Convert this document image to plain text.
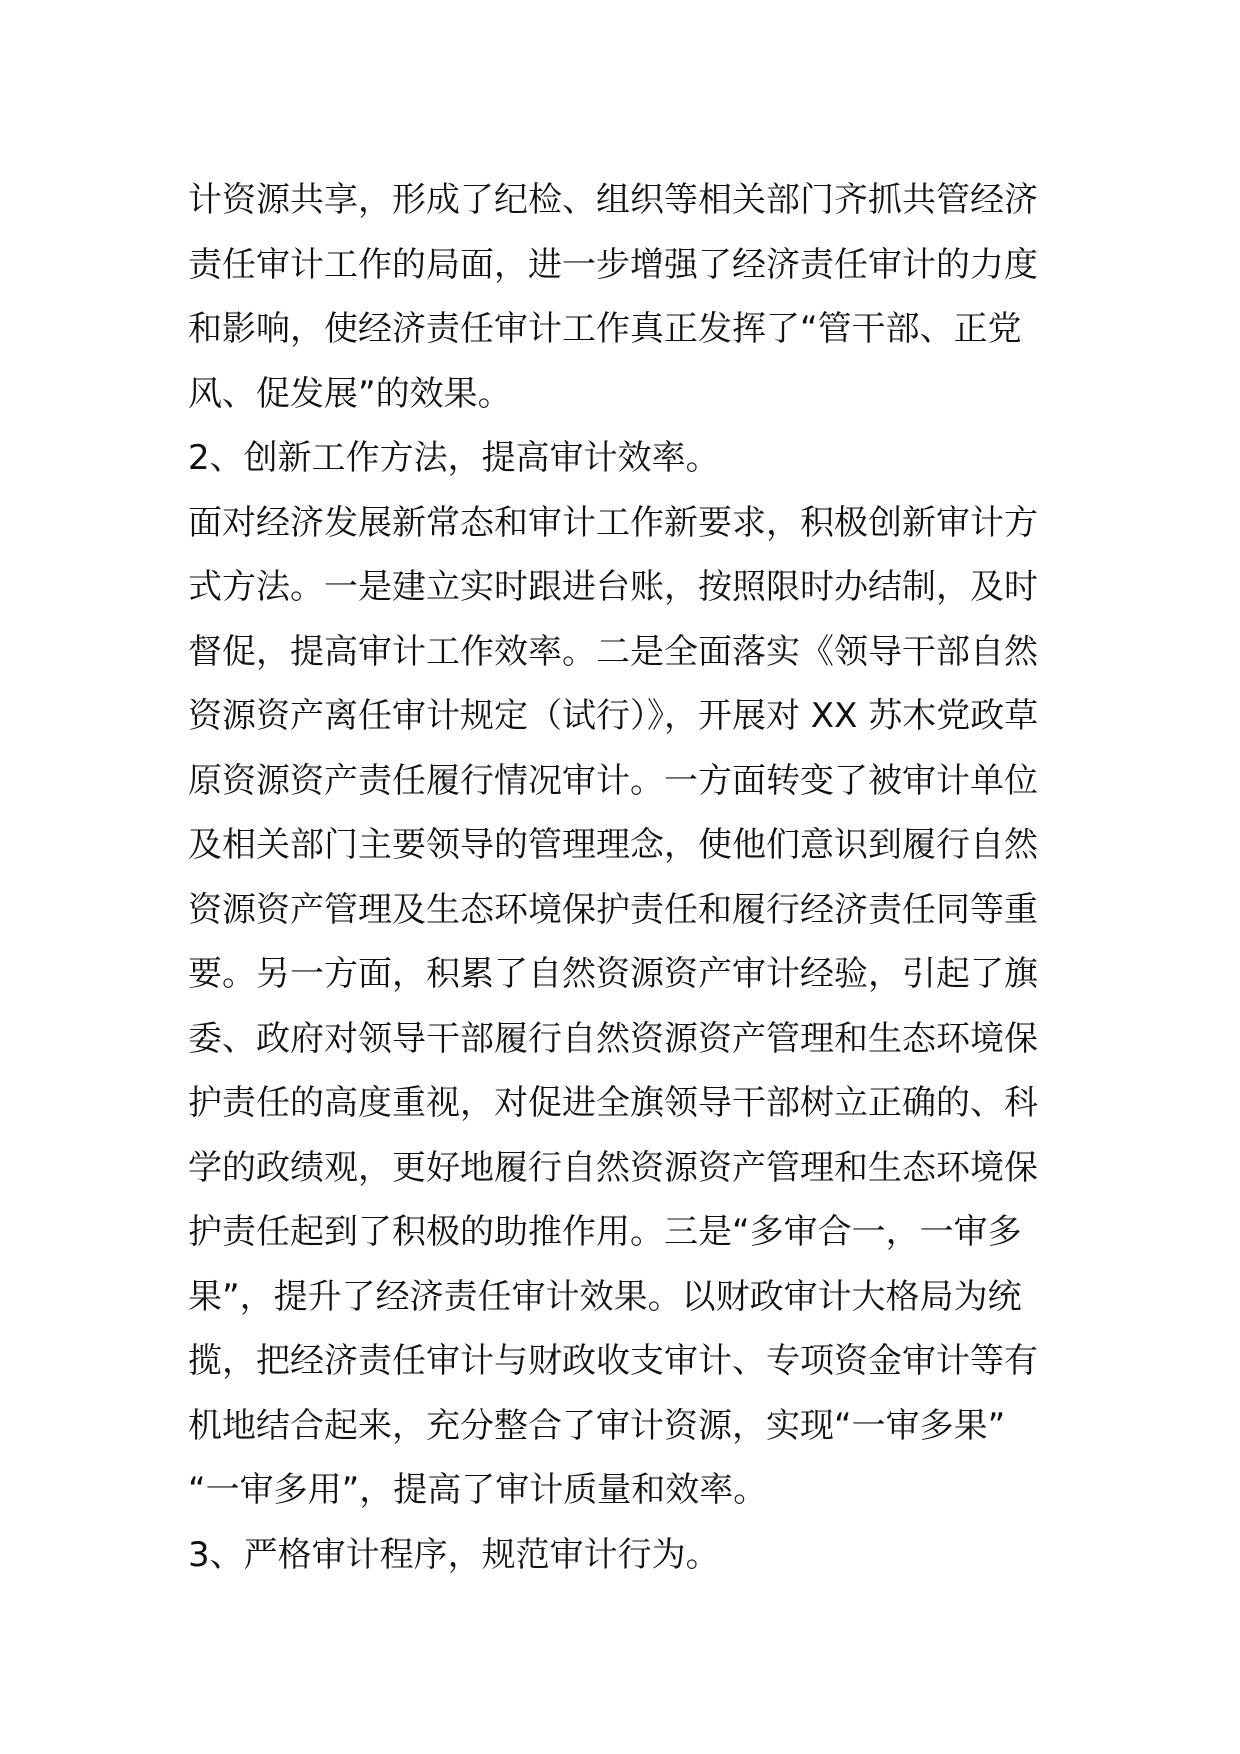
计资源共享，形成了纪检、组织等相关部门齐抓共管经济
责任审计工作的局面，进一步增强了经济责任审计的力度
和影响，使经济责任审计工作真正发挥了“管干部、正党
风、促发展”的效果。
2、创新工作方法，提高审计效率。
面对经济发展新常态和审计工作新要求，积极创新审计方
式方法。一是建立实时跟进台账，按照限时办结制，及时
督促，提高审计工作效率。二是全面落实《领导干部自然
资源资产离任审计规定（试行）》，开展对 XX 苏木党政草
原资源资产责任履行情况审计。一方面转变了被审计单位
及相关部门主要领导的管理理念，使他们意识到履行自然
资源资产管理及生态环境保护责任和履行经济责任同等重
要。另一方面，积累了自然资源资产审计经验，引起了旗
委、政府对领导干部履行自然资源资产管理和生态环境保
护责任的高度重视，对促进全旗领导干部树立正确的、科
学的政绩观，更好地履行自然资源资产管理和生态环境保
护责任起到了积极的助推作用。三是“多审合一，一审多
果”，提升了经济责任审计效果。以财政审计大格局为统
揽，把经济责任审计与财政收支审计、专项资金审计等有
机地结合起来，充分整合了审计资源，实现“一审多果”
“一审多用”，提高了审计质量和效率。
3、严格审计程序，规范审计行为。
